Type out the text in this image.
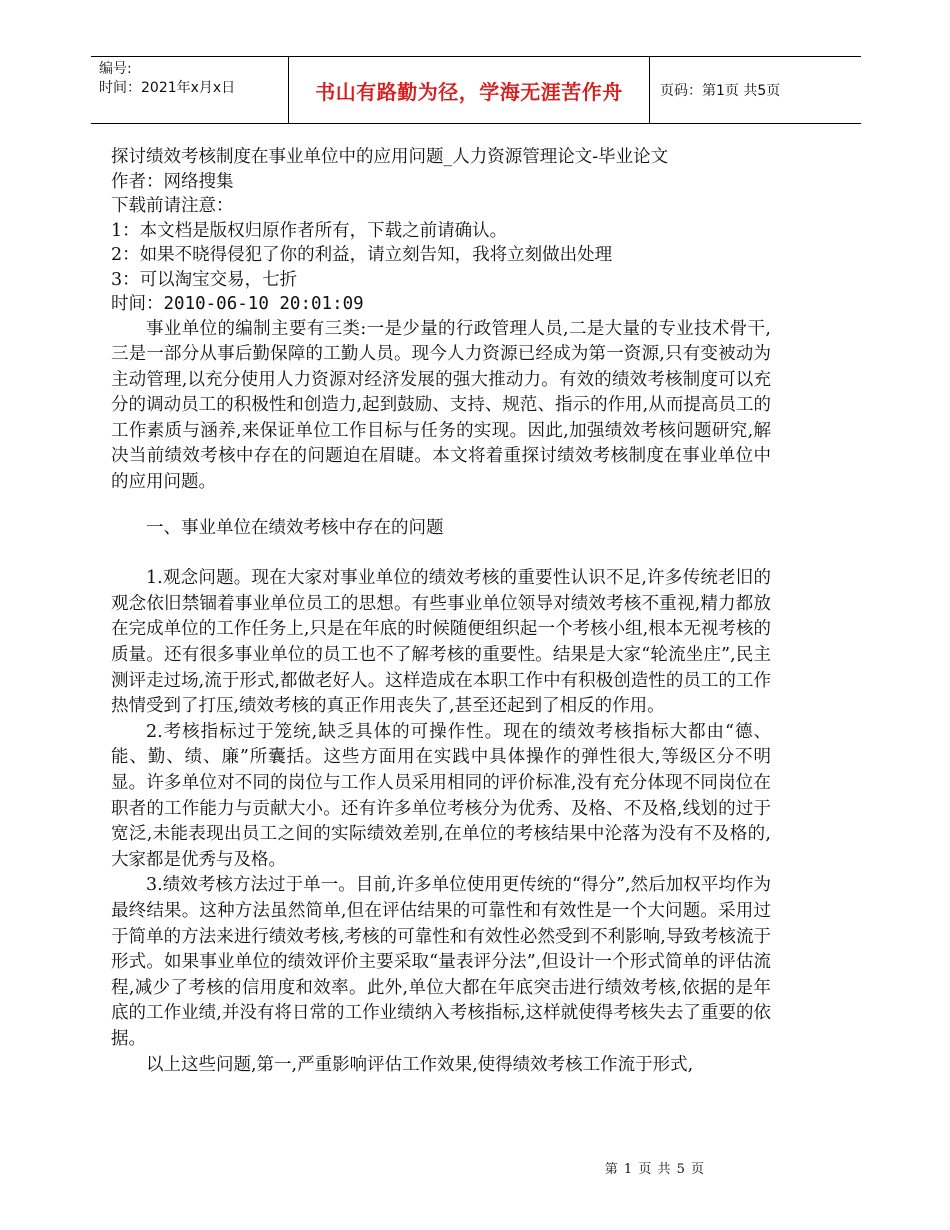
编号:
时间：2021年x月x日	书山有路勤为径，学海无涯苦作舟	页码：第1页 共5页
探讨绩效考核制度在事业单位中的应用问题_人力资源管理论文-毕业论文
作者：网络搜集
下载前请注意：
1：本文档是版权归原作者所有，下载之前请确认。
2：如果不晓得侵犯了你的利益，请立刻告知，我将立刻做出处理
3：可以淘宝交易，七折
时间：2010-06-10 20:01:09

事业单位的编制主要有三类:一是少量的行政管理人员,二是大量的专业技术骨干,三是一部分从事后勤保障的工勤人员。现今人力资源已经成为第一资源,只有变被动为主动管理,以充分使用人力资源对经济发展的强大推动力。有效的绩效考核制度可以充分的调动员工的积极性和创造力,起到鼓励、支持、规范、指示的作用,从而提高员工的工作素质与涵养,来保证单位工作目标与任务的实现。因此,加强绩效考核问题研究,解决当前绩效考核中存在的问题迫在眉睫。本文将着重探讨绩效考核制度在事业单位中的应用问题。

一、事业单位在绩效考核中存在的问题

1.观念问题。现在大家对事业单位的绩效考核的重要性认识不足,许多传统老旧的观念依旧禁锢着事业单位员工的思想。有些事业单位领导对绩效考核不重视,精力都放在完成单位的工作任务上,只是在年底的时候随便组织起一个考核小组,根本无视考核的质量。还有很多事业单位的员工也不了解考核的重要性。结果是大家“轮流坐庄”,民主测评走过场,流于形式,都做老好人。这样造成在本职工作中有积极创造性的员工的工作热情受到了打压,绩效考核的真正作用丧失了,甚至还起到了相反的作用。

2.考核指标过于笼统,缺乏具体的可操作性。现在的绩效考核指标大都由“德、能、勤、绩、廉”所囊括。这些方面用在实践中具体操作的弹性很大,等级区分不明显。许多单位对不同的岗位与工作人员采用相同的评价标准,没有充分体现不同岗位在职者的工作能力与贡献大小。还有许多单位考核分为优秀、及格、不及格,线划的过于宽泛,未能表现出员工之间的实际绩效差别,在单位的考核结果中沦落为没有不及格的,大家都是优秀与及格。

3.绩效考核方法过于单一。目前,许多单位使用更传统的“得分”,然后加权平均作为最终结果。这种方法虽然简单,但在评估结果的可靠性和有效性是一个大问题。采用过于简单的方法来进行绩效考核,考核的可靠性和有效性必然受到不利影响,导致考核流于形式。如果事业单位的绩效评价主要采取“量表评分法”,但设计一个形式简单的评估流程,减少了考核的信用度和效率。此外,单位大都在年底突击进行绩效考核,依据的是年底的工作业绩,并没有将日常的工作业绩纳入考核指标,这样就使得考核失去了重要的依据。

以上这些问题,第一,严重影响评估工作效果,使得绩效考核工作流于形式,

第 1 页 共 5 页
